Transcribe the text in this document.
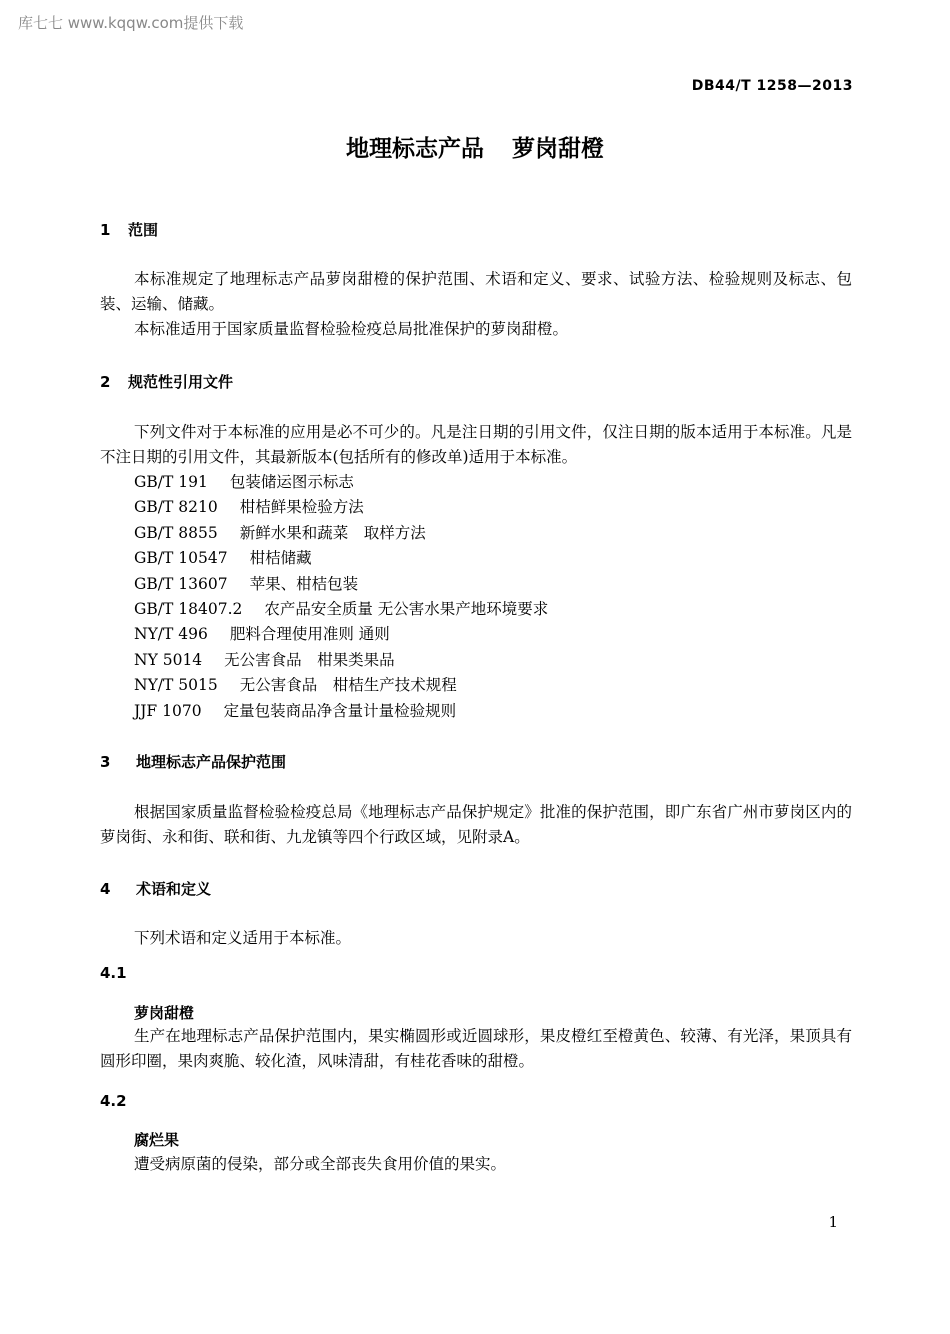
库七七 www.kqqw.com提供下载
DB44/T 1258—2013
地理标志产品 萝岗甜橙
1 范围
本标准规定了地理标志产品萝岗甜橙的保护范围、术语和定义、要求、试验方法、检验规则及标志、包装、运输、储藏。
本标准适用于国家质量监督检验检疫总局批准保护的萝岗甜橙。
2 规范性引用文件
下列文件对于本标准的应用是必不可少的。凡是注日期的引用文件，仅注日期的版本适用于本标准。凡是不注日期的引用文件，其最新版本(包括所有的修改单)适用于本标准。
GB/T 191 包装储运图示标志
GB/T 8210 柑桔鲜果检验方法
GB/T 8855 新鲜水果和蔬菜　取样方法
GB/T 10547 柑桔储藏
GB/T 13607 苹果、柑桔包装
GB/T 18407.2 农产品安全质量 无公害水果产地环境要求
NY/T 496 肥料合理使用准则 通则
NY 5014 无公害食品　柑果类果品
NY/T 5015 无公害食品　柑桔生产技术规程
JJF 1070 定量包装商品净含量计量检验规则
3 地理标志产品保护范围
根据国家质量监督检验检疫总局《地理标志产品保护规定》批准的保护范围，即广东省广州市萝岗区内的萝岗街、永和街、联和街、九龙镇等四个行政区域，见附录A。
4 术语和定义
下列术语和定义适用于本标准。
4.1
萝岗甜橙
生产在地理标志产品保护范围内，果实椭圆形或近圆球形，果皮橙红至橙黄色、较薄、有光泽，果顶具有圆形印圈，果肉爽脆、较化渣，风味清甜，有桂花香味的甜橙。
4.2
腐烂果
遭受病原菌的侵染，部分或全部丧失食用价值的果实。
1
